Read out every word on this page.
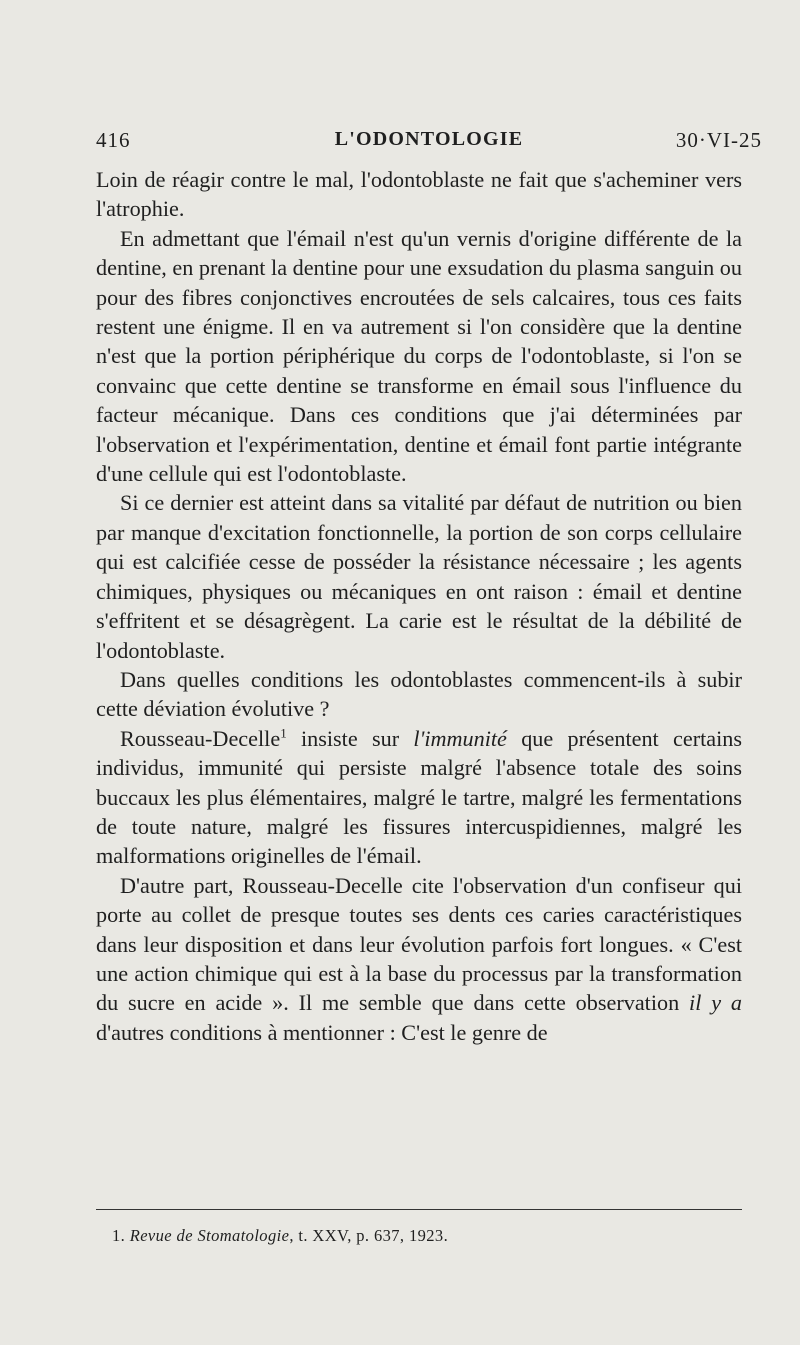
416	L'ODONTOLOGIE	30·VI-25

Loin de réagir contre le mal, l'odontoblaste ne fait que s'acheminer vers l'atrophie.

En admettant que l'émail n'est qu'un vernis d'origine différente de la dentine, en prenant la dentine pour une exsudation du plasma sanguin ou pour des fibres conjonctives encroutées de sels calcaires, tous ces faits restent une énigme. Il en va autrement si l'on considère que la dentine n'est que la portion périphérique du corps de l'odontoblaste, si l'on se convainc que cette dentine se transforme en émail sous l'influence du facteur mécanique. Dans ces conditions que j'ai déterminées par l'observation et l'expérimentation, dentine et émail font partie intégrante d'une cellule qui est l'odontoblaste.

Si ce dernier est atteint dans sa vitalité par défaut de nutrition ou bien par manque d'excitation fonctionnelle, la portion de son corps cellulaire qui est calcifiée cesse de posséder la résistance nécessaire ; les agents chimiques, physiques ou mécaniques en ont raison : émail et dentine s'effritent et se désagrègent. La carie est le résultat de la débilité de l'odontoblaste.

Dans quelles conditions les odontoblastes commencent-ils à subir cette déviation évolutive ?

Rousseau-Decelle$^1$ insiste sur l'immunité que présentent certains individus, immunité qui persiste malgré l'absence totale des soins buccaux les plus élémentaires, malgré le tartre, malgré les fermentations de toute nature, malgré les fissures intercuspidiennes, malgré les malformations originelles de l'émail.

D'autre part, Rousseau-Decelle cite l'observation d'un confiseur qui porte au collet de presque toutes ses dents ces caries caractéristiques dans leur disposition et dans leur évolution parfois fort longues. « C'est une action chimique qui est à la base du processus par la transformation du sucre en acide ». Il me semble que dans cette observation il y a d'autres conditions à mentionner : C'est le genre de

1. Revue de Stomatologie, t. XXV, p. 637, 1923.
